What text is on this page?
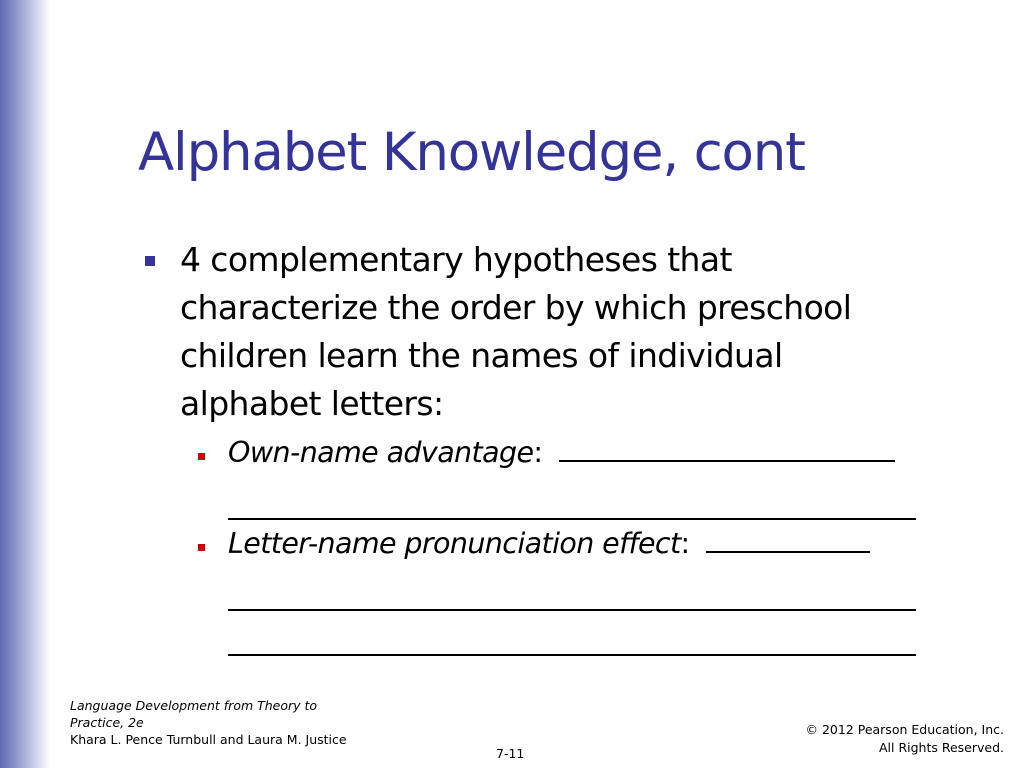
Alphabet Knowledge, cont
4 complementary hypotheses that
characterize the order by which preschool
children learn the names of individual
alphabet letters:
Own-name advantage:
Letter-name pronunciation effect:
Language Development from Theory to
Practice, 2e
Khara L. Pence Turnbull and Laura M. Justice
© 2012 Pearson Education, Inc.
All Rights Reserved.
7-11
